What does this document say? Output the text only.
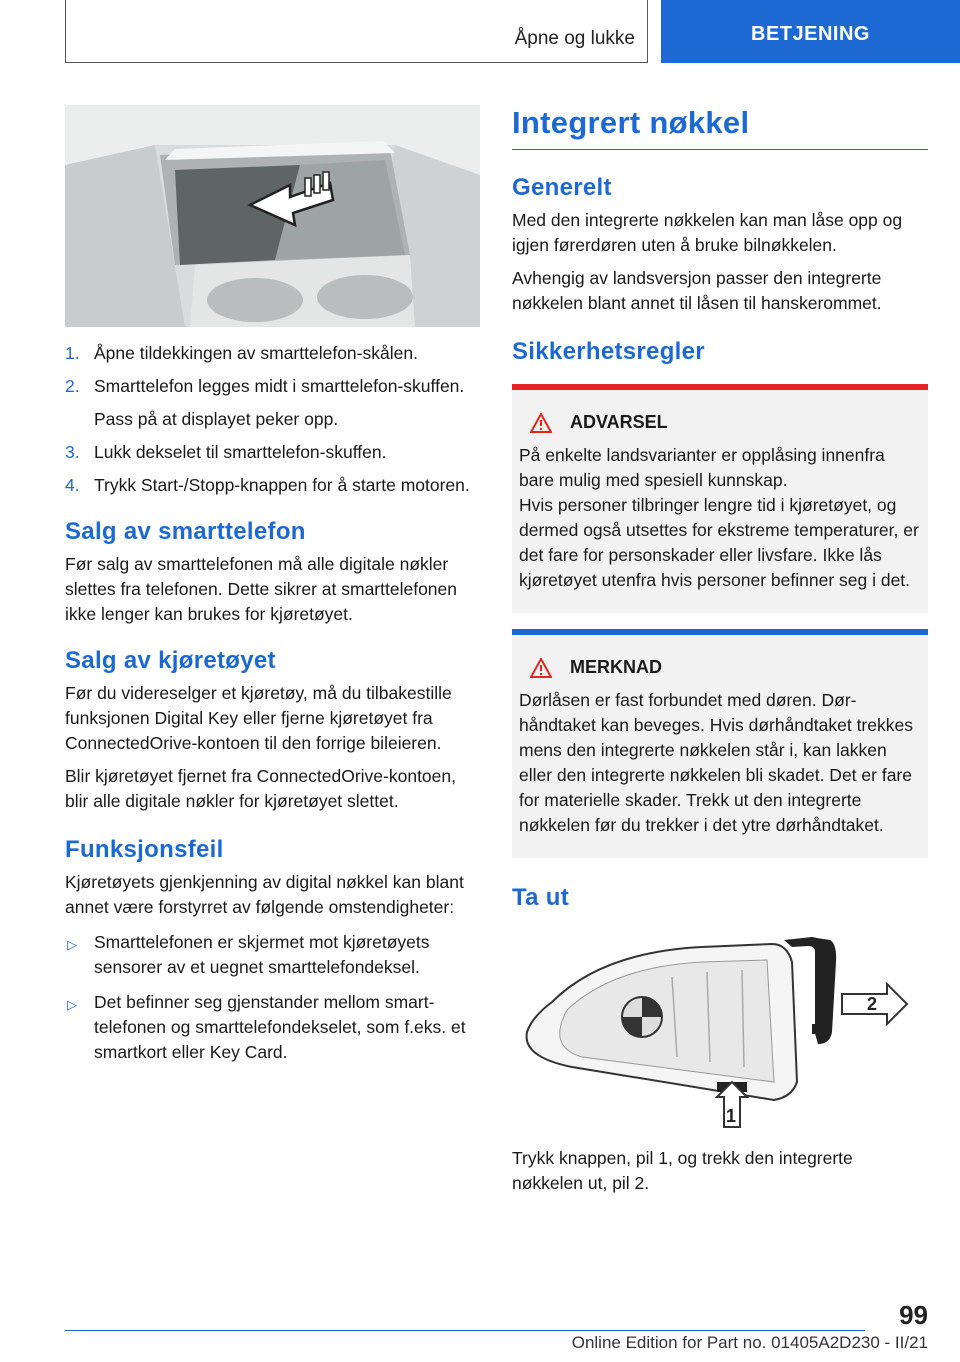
Åpne og lukke	BETJENING
1. Åpne tildekkingen av smarttelefon-skålen.
2. Smarttelefon legges midt i smarttelefon-skuffen.
Pass på at displayet peker opp.
3. Lukk dekselet til smarttelefon-skuffen.
4. Trykk Start-/Stopp-knappen for å starte motoren.
Salg av smarttelefon

Før salg av smarttelefonen må alle digitale nøkler slettes fra telefonen. Dette sikrer at smarttelefonen ikke lenger kan brukes for kjøretøyet.

Salg av kjøretøyet

Før du videreselger et kjøretøy, må du tilbakestille funksjonen Digital Key eller fjerne kjøretøyet fra ConnectedOrive-kontoen til den forrige bileieren.

Blir kjøretøyet fjernet fra ConnectedOrive-kontoen, blir alle digitale nøkler for kjøretøyet slettet.

Funksjonsfeil

Kjøretøyets gjenkjenning av digital nøkkel kan blant annet være forstyrret av følgende omstendigheter:

▷ Smarttelefonen er skjermet mot kjøretøyets sensorer av et uegnet smarttelefondeksel.
▷ Det befinner seg gjenstander mellom smarttelefonen og smarttelefondekselet, som f.eks. et smartkort eller Key Card.
Integrert nøkkel
Generelt

Med den integrerte nøkkelen kan man låse opp og igjen førerdøren uten å bruke bilnøkkelen.

Avhengig av landsversjon passer den integrerte nøkkelen blant annet til låsen til hanskerommet.

Sikkerhetsregler
ADVARSEL

På enkelte landsvarianter er opplåsing innenfra bare mulig med spesiell kunnskap.

Hvis personer tilbringer lengre tid i kjøretøyet, og dermed også utsettes for ekstreme temperaturer, er det fare for personskader eller livsfare. Ikke lås kjøretøyet utenfra hvis personer befinner seg i det.

MERKNAD

Dørlåsen er fast forbundet med døren. Dørhåndtaket kan beveges. Hvis dørhåndtaket trekkes mens den integrerte nøkkelen står i, kan lakken eller den integrerte nøkkelen bli skadet. Det er fare for materielle skader. Trekk ut den integrerte nøkkelen før du trekker i det ytre dørhåndtaket.

Ta ut
2
1

Trykk knappen, pil 1, og trekk den integrerte nøkkelen ut, pil 2.

99
Online Edition for Part no. 01405A2D230 - II/21
